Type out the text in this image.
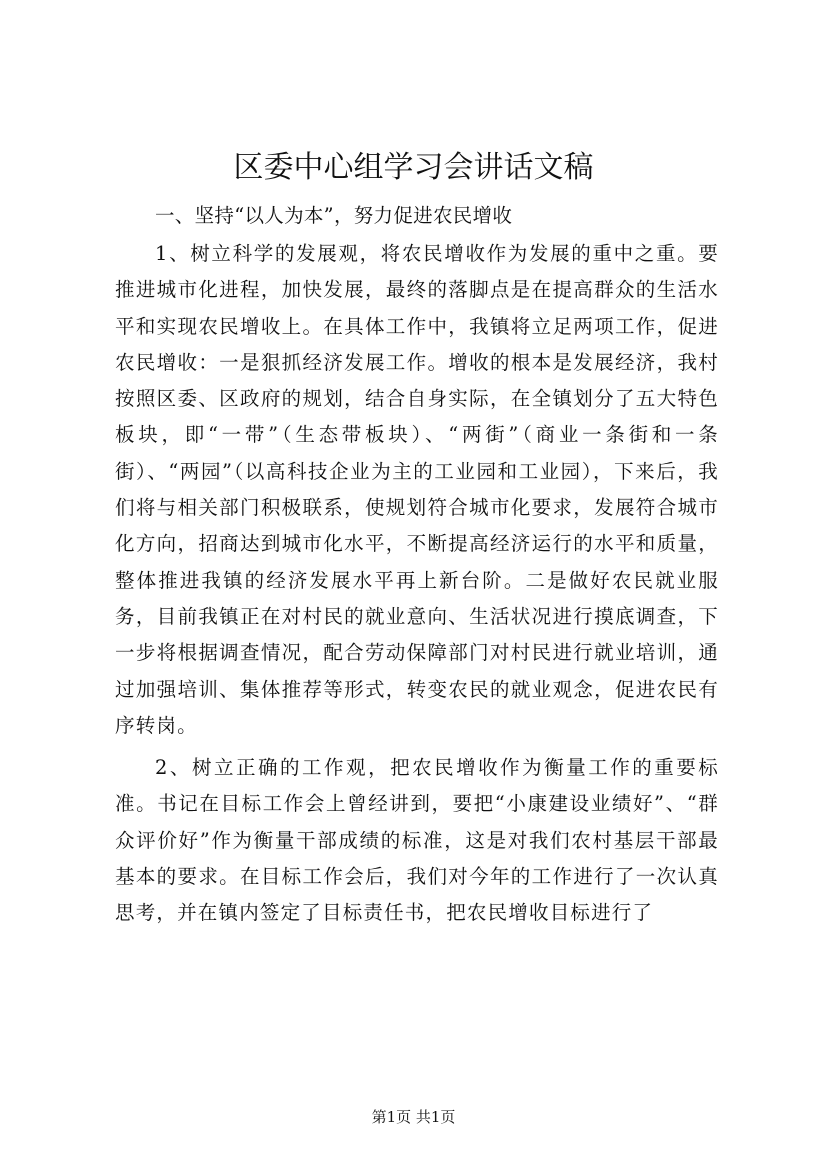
区委中心组学习会讲话文稿

一、坚持“以人为本”，努力促进农民增收

1、树立科学的发展观，将农民增收作为发展的重中之重。要推进城市化进程，加快发展，最终的落脚点是在提高群众的生活水平和实现农民增收上。在具体工作中，我镇将立足两项工作，促进农民增收：一是狠抓经济发展工作。增收的根本是发展经济，我村按照区委、区政府的规划，结合自身实际，在全镇划分了五大特色板块，即“一带”（生态带板块）、“两街”（商业一条街和一条街）、“两园”（以高科技企业为主的工业园和工业园），下来后，我们将与相关部门积极联系，使规划符合城市化要求，发展符合城市化方向，招商达到城市化水平，不断提高经济运行的水平和质量，整体推进我镇的经济发展水平再上新台阶。二是做好农民就业服务，目前我镇正在对村民的就业意向、生活状况进行摸底调查，下一步将根据调查情况，配合劳动保障部门对村民进行就业培训，通过加强培训、集体推荐等形式，转变农民的就业观念，促进农民有序转岗。

2、树立正确的工作观，把农民增收作为衡量工作的重要标准。书记在目标工作会上曾经讲到，要把“小康建设业绩好”、“群众评价好”作为衡量干部成绩的标准，这是对我们农村基层干部最基本的要求。在目标工作会后，我们对今年的工作进行了一次认真思考，并在镇内签定了目标责任书，把农民增收目标进行了

第1页 共1页
